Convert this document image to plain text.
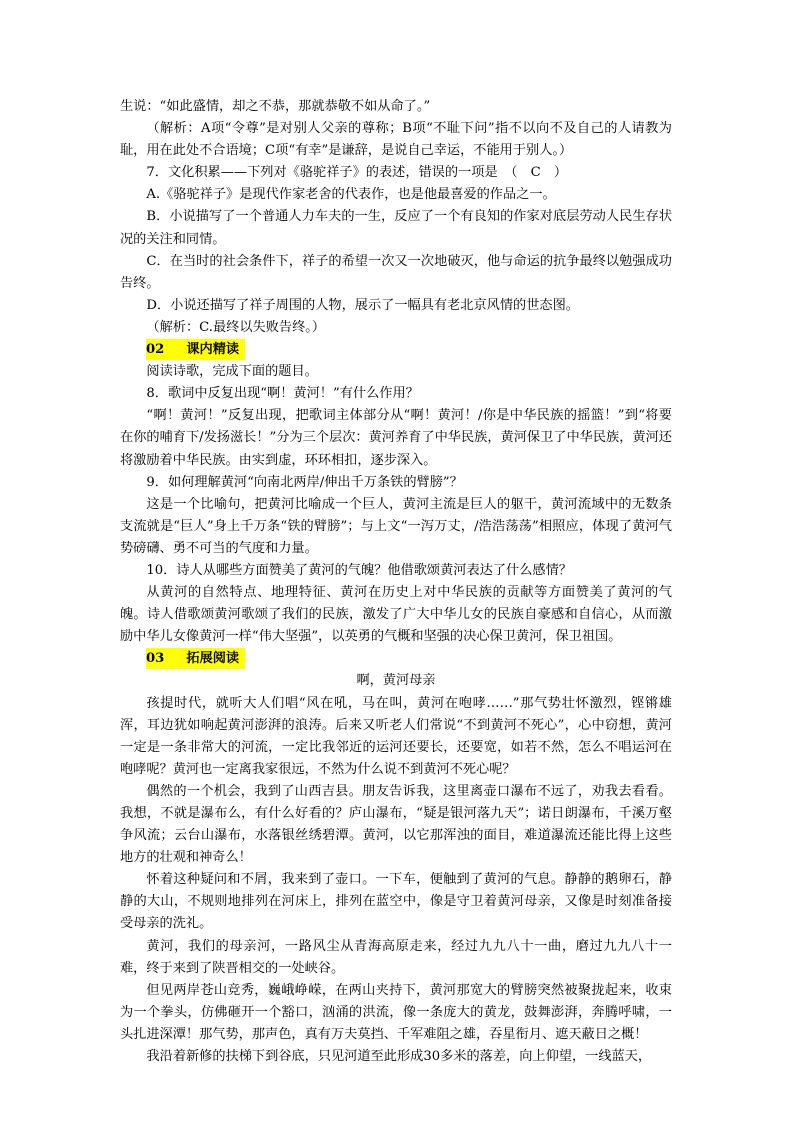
生说：“如此盛情，却之不恭，那就恭敬不如从命了。”

（解析：A项“令尊”是对别人父亲的尊称；B项“不耻下问”指不以向不及自己的人请教为耻，用在此处不合语境；C项“有幸”是谦辞，是说自己幸运，不能用于别人。）

7．文化积累——下列对《骆驼祥子》的表述，错误的一项是　（　C　）

A.《骆驼祥子》是现代作家老舍的代表作，也是他最喜爱的作品之一。

B．小说描写了一个普通人力车夫的一生，反应了一个有良知的作家对底层劳动人民生存状况的关注和同情。

C．在当时的社会条件下，祥子的希望一次又一次地破灭，他与命运的抗争最终以勉强成功告终。

D．小说还描写了祥子周围的人物，展示了一幅具有老北京风情的世态图。

（解析：C.最终以失败告终。）

02 课内精读

阅读诗歌，完成下面的题目。

8．歌词中反复出现“啊！黄河！”有什么作用？

“啊！黄河！”反复出现，把歌词主体部分从“啊！黄河！/你是中华民族的摇篮！”到“将要在你的哺育下/发扬滋长！”分为三个层次：黄河养育了中华民族，黄河保卫了中华民族，黄河还将激励着中华民族。由实到虚，环环相扣，逐步深入。

9．如何理解黄河“向南北两岸/伸出千万条铁的臂膀”？

这是一个比喻句，把黄河比喻成一个巨人，黄河主流是巨人的躯干，黄河流域中的无数条支流就是“巨人”身上千万条“铁的臂膀”；与上文“一泻万丈，/浩浩荡荡”相照应，体现了黄河气势磅礴、勇不可当的气度和力量。

10．诗人从哪些方面赞美了黄河的气魄？他借歌颂黄河表达了什么感情？

从黄河的自然特点、地理特征、黄河在历史上对中华民族的贡献等方面赞美了黄河的气魄。诗人借歌颂黄河歌颂了我们的民族，激发了广大中华儿女的民族自豪感和自信心，从而激励中华儿女像黄河一样“伟大坚强”，以英勇的气概和坚强的决心保卫黄河，保卫祖国。

03 拓展阅读

啊，黄河母亲

孩提时代，就听大人们唱“风在吼，马在叫，黄河在咆哮……”那气势壮怀激烈，铿锵雄浑，耳边犹如响起黄河澎湃的浪涛。后来又听老人们常说“不到黄河不死心”，心中窃想，黄河一定是一条非常大的河流，一定比我邻近的运河还要长，还要宽，如若不然，怎么不唱运河在咆哮呢？黄河也一定离我家很远，不然为什么说不到黄河不死心呢？

偶然的一个机会，我到了山西吉县。朋友告诉我，这里离壶口瀑布不远了，劝我去看看。我想，不就是瀑布么，有什么好看的？庐山瀑布，“疑是银河落九天”；诺日朗瀑布，千溪万壑争风流；云台山瀑布，水落银丝绣碧潭。黄河，以它那浑浊的面目，难道瀑流还能比得上这些地方的壮观和神奇么！

怀着这种疑问和不屑，我来到了壶口。一下车，便触到了黄河的气息。静静的鹅卵石，静静的大山，不规则地排列在河床上，排列在蓝空中，像是守卫着黄河母亲，又像是时刻准备接受母亲的洗礼。

黄河，我们的母亲河，一路风尘从青海高原走来，经过九九八十一曲，磨过九九八十一难，终于来到了陕晋相交的一处峡谷。

但见两岸苍山竞秀，巍峨峥嵘，在两山夹持下，黄河那宽大的臂膀突然被聚拢起来，收束为一个拳头，仿佛砸开一个豁口，汹涌的洪流，像一条庞大的黄龙，鼓舞澎湃，奔腾呼啸，一头扎进深潭！那气势，那声色，真有万夫莫挡、千军难阻之雄，吞星衔月、遮天蔽日之概！

我沿着新修的扶梯下到谷底，只见河道至此形成30多米的落差，向上仰望，一线蓝天，
